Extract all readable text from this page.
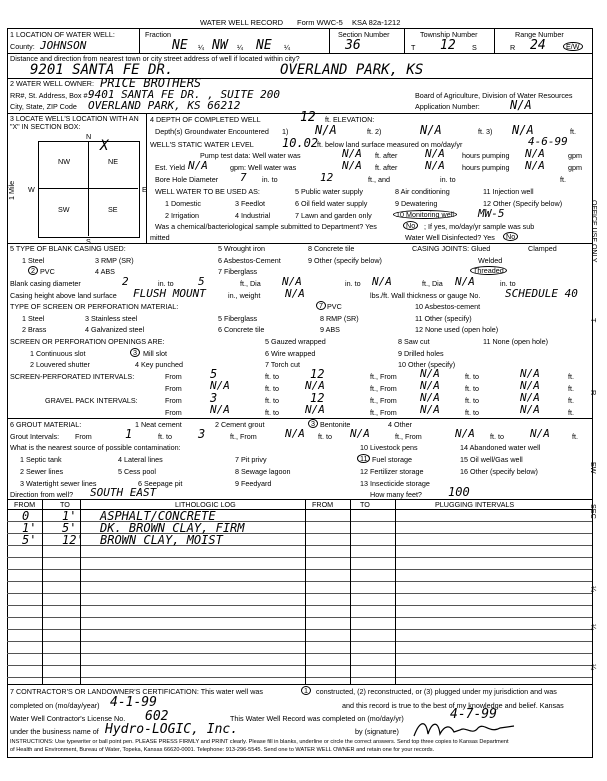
WATER WELL RECORD Form WWC-5 KSA 82a-1212
1 LOCATION OF WATER WELL:
County: JOHNSON
Fraction
NE ¼ NW ¼ NE ¼
Section Number
36
Township Number
T 12 S
Range Number
R 24	E/W
Distance and direction from nearest town or city street address of well if located within city?
9201 SANTA FE DR.	OVERLAND PARK, KS
2 WATER WELL OWNER: PRICE BROTHERS
RR#, St. Address, Box # :
9401 SANTA FE DR. , SUITE 200	Board of Agriculture, Division of Water Resources
City, State, ZIP Code OVERLAND PARK, KS 66212	Application Number:	N/A
3 LOCATE WELL'S LOCATION WITH AN "X" IN SECTION BOX:
N
NW	NE
SW	SE
W	E
S
X
1 Mile
4 DEPTH OF COMPLETED WELL	12 ft. ELEVATION:
Depth(s) Groundwater Encountered 1) N/A	ft. 2)	N/A	ft. 3) N/A	ft.
WELL'S STATIC WATER LEVEL 10.02
ft. below land surface measured on mo/day/yr	4-6-99
Pump test data: Well water was	N/A ft. after	N/A hours pumping N/A	gpm
Est. Yield N/A	gpm: Well water was	N/A ft. after	N/A hours pumping N/A	gpm
Bore Hole Diameter 7 in. to	12	ft., and	in. to	ft.
WELL WATER TO BE USED AS:	5 Public water supply	8 Air conditioning	11 Injection well
1 Domestic	3 Feedlot	6 Oil field water supply	9 Dewatering	12 Other (Specify below)
2 Irrigation	4 Industrial	7 Lawn and garden only	10 Monitoring well MW-5
Was a chemical/bacteriological sample submitted to Department? Yes	No	; If yes, mo/day/yr sample was sub
mitted	Water Well Disinfected? Yes	No
5 TYPE OF BLANK CASING USED:	5 Wrought iron	8 Concrete tile	CASING JOINTS: Glued	Clamped
1 Steel	3 RMP (SR)	6 Asbestos-Cement	9 Other (specify below)	Welded
2 PVC	4 ABS	7 Fiberglass	Threaded
Blank casing diameter	2	in. to 5	ft., Dia N/A	in. to N/A	ft., Dia N/A	in. to
Casing height above land surface FLUSH MOUNT	in., weight N/A	lbs./ft. Wall thickness or gauge No. SCHEDULE 40
TYPE OF SCREEN OR PERFORATION MATERIAL:	7 PVC	10 Asbestos-cement
1 Steel	3 Stainless steel	5 Fiberglass	8 RMP (SR)	11 Other (specify)
2 Brass	4 Galvanized steel	6 Concrete tile	9 ABS	12 None used (open hole)
SCREEN OR PERFORATION OPENINGS ARE:	5 Gauzed wrapped	8 Saw cut	11 None (open hole)
1 Continuous slot	3 Mill slot	6 Wire wrapped	9 Drilled holes
2 Louvered shutter	4 Key punched	7 Torch cut	10 Other (specify)
SCREEN-PERFORATED INTERVALS:	From 5	ft. to	12	ft., From N/A	ft. to	N/A	ft.
From	N/A	ft. to N/A	ft., From N/A	ft. to	N/A	ft.
GRAVEL PACK INTERVALS:	From 3	ft. to	12	ft., From N/A	ft. to	N/A	ft.
From	N/A	ft. to N/A	ft., From N/A	ft. to	N/A	ft.
6 GROUT MATERIAL:	1 Neat cement	2 Cement grout	3 Bentonite	4 Other
Grout Intervals: From	1	ft. to 3	ft., From	N/A ft. to N/A	ft., From	N/A ft. to N/A	ft.
What is the nearest source of possible contamination:	10 Livestock pens	14 Abandoned water well
1 Septic tank	4 Lateral lines	7 Pit privy	11 Fuel storage	15 Oil well/Gas well
2 Sewer lines	5 Cess pool	8 Sewage lagoon	12 Fertilizer storage	16 Other (specify below)
3 Watertight sewer lines	6 Seepage pit	9 Feedyard	13 Insecticide storage
Direction from well? SOUTH EAST	How many feet? 100
FROM	TO	LITHOLOGIC LOG	FROM	TO	PLUGGING INTERVALS
0	1' ASPHALT/CONCRETE
1' 5' DK. BROWN CLAY, FIRM
5' 12' BROWN CLAY, MOIST
7 CONTRACTOR'S OR LANDOWNER'S CERTIFICATION: This water well was	1	constructed, (2) reconstructed, or (3) plugged under my jurisdiction and was
completed on (mo/day/year) 4-1-99	and this record is true to the best of my knowledge and belief. Kansas
Water Well Contractor's License No. 602	This Water Well Record was completed on (mo/day/yr)	4-7-99
under the business name of Hydro-LOGIC, Inc.	by (signature)
INSTRUCTIONS: Use typewriter or ball point pen. PLEASE PRESS FIRMLY and PRINT clearly. Please fill in blanks, underline or circle the correct answers. Send top three copies to Kansas Department
of Health and Environment, Bureau of Water, Topeka, Kansas 66620-0001. Telephone: 913-296-5545. Send one to WATER WELL OWNER and retain one for your records.
OFFICE USE ONLY
T
R
EW
SEC
¼
¼
¼
